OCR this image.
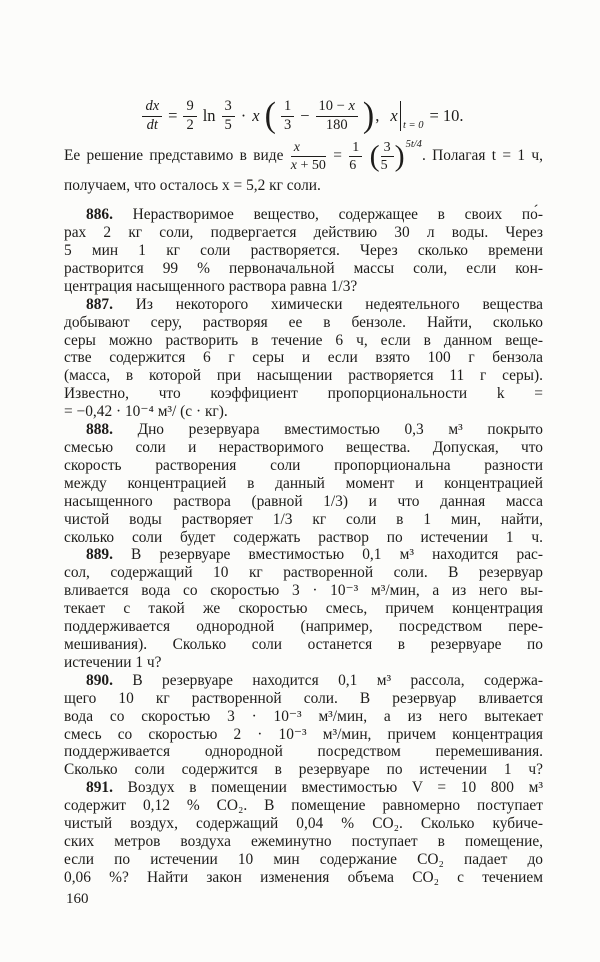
$\frac{dx}{dt} = \frac{9}{2}$ $\ln \frac{3}{5} \cdot x$ ( $\frac{1}{3} - \frac{10 - x}{180}$ ) , x t = 0 = 10.
Ее решение представимо в виде $\frac{x}{x + 50} = \frac{1}{6}$ ( $\frac{3}{5} )^{5t/4}$. Полагая t = 1 ч,
получаем, что осталось x = 5,2 кг соли.
886. Нерастворимое вещество, содержащее в своих по́-
рах 2 кг соли, подвергается действию 30 л воды. Через
5 мин 1 кг соли растворяется. Через сколько времени
растворится 99 % первоначальной массы соли, если кон-
центрация насыщенного раствора равна 1/3?
887. Из некоторого химически недеятельного вещества
добывают серу, растворяя ее в бензоле. Найти, сколько
серы можно растворить в течение 6 ч, если в данном веще-
стве содержится 6 г серы и если взято 100 г бензола
(масса, в которой при насыщении растворяется 11 г серы).
Известно, что коэффициент пропорциональности k =
= −0,42 · 10⁻⁴ м³/ (с · кг).
888. Дно резервуара вместимостью 0,3 м³ покрыто
смесью соли и нерастворимого вещества. Допуская, что
скорость растворения соли пропорциональна разности
между концентрацией в данный момент и концентрацией
насыщенного раствора (равной 1/3) и что данная масса
чистой воды растворяет 1/3 кг соли в 1 мин, найти,
сколько соли будет содержать раствор по истечении 1 ч.
889. В резервуаре вместимостью 0,1 м³ находится рас-
сол, содержащий 10 кг растворенной соли. В резервуар
вливается вода со скоростью 3 · 10⁻³ м³/мин, а из него вы-
текает с такой же скоростью смесь, причем концентрация
поддерживается однородной (например, посредством пере-
мешивания). Сколько соли останется в резервуаре по
истечении 1 ч?
890. В резервуаре находится 0,1 м³ рассола, содержа-
щего 10 кг растворенной соли. В резервуар вливается
вода со скоростью 3 · 10⁻³ м³/мин, а из него вытекает
смесь со скоростью 2 · 10⁻³ м³/мин, причем концентрация
поддерживается однородной посредством перемешивания.
Сколько соли содержится в резервуаре по истечении 1 ч?
891. Воздух в помещении вместимостью V = 10 800 м³
содержит 0,12 % CO₂. В помещение равномерно поступает
чистый воздух, содержащий 0,04 % CO₂. Сколько кубиче-
ских метров воздуха ежеминутно поступает в помещение,
если по истечении 10 мин содержание CO₂ падает до
0,06 %? Найти закон изменения объема CO₂ с течением
160
